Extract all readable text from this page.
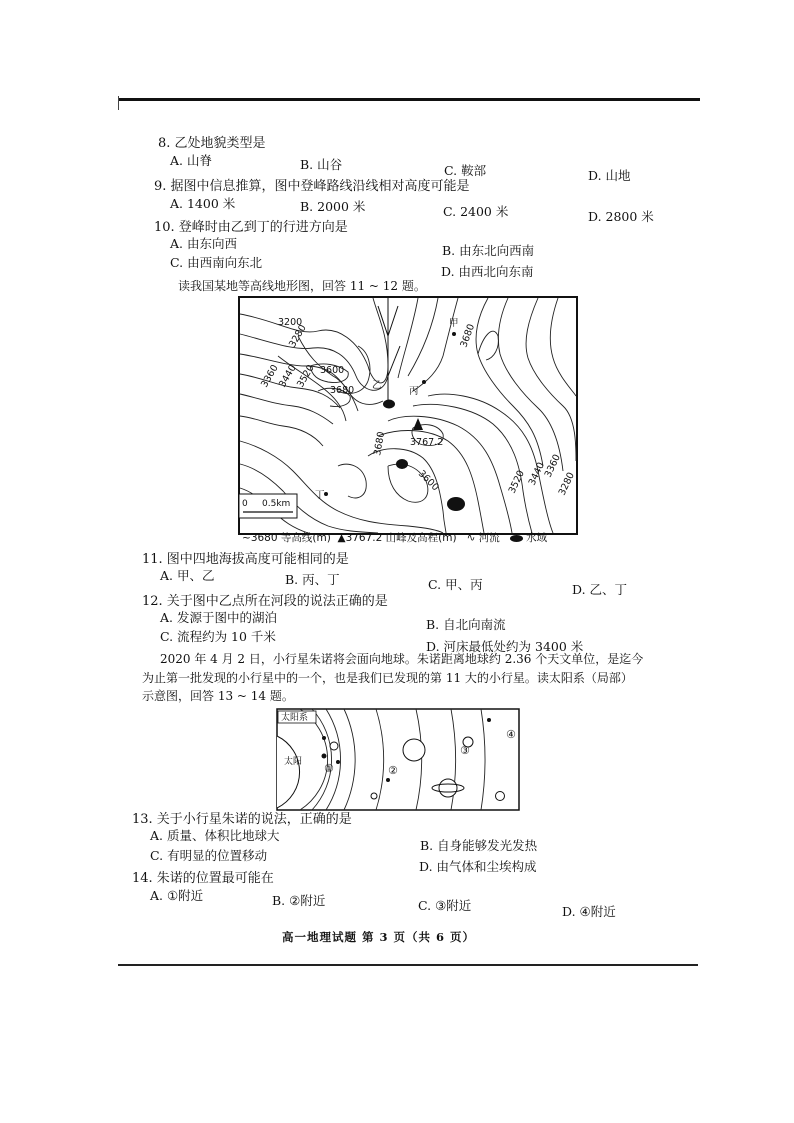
8. 乙处地貌类型是
A. 山脊	B. 山谷	C. 鞍部	D. 山地
9. 据图中信息推算，图中登峰路线沿线相对高度可能是
A. 1400 米	B. 2000 米	C. 2400 米	D. 2800 米
10. 登峰时由乙到丁的行进方向是
A. 由东向西	B. 由东北向西南
C. 由西南向东北
D. 由西北向东南
读我国某地等高线地形图，回答 11 ~ 12 题。
甲
乙
丙
丁
3767.2
3200
3280
3360
3440
3520 3600
3680
3680
3680
3600	3520 3440
3360
3280
0 0.5km
~3680 等高线(m) ▲3767.2 山峰及高程(m) ∿ 河流	水域
11. 图中四地海拔高度可能相同的是
A. 甲、乙	B. 丙、丁	C. 甲、丙	D. 乙、丁
12. 关于图中乙点所在河段的说法正确的是
A. 发源于图中的湖泊	B. 自北向南流
C. 流程约为 10 千米
D. 河床最低处约为 3400 米
2020 年 4 月 2 日，小行星朱诺将会面向地球。朱诺距离地球约 2.36 个天文单位，是迄今
为止第一批发现的小行星中的一个，也是我们已发现的第 11 大的小行星。读太阳系（局部）
示意图，回答 13 ~ 14 题。
太阳系
太阳 ①	②
③
④
13. 关于小行星朱诺的说法，正确的是
A. 质量、体积比地球大
B. 自身能够发光发热
C. 有明显的位置移动
D. 由气体和尘埃构成
14. 朱诺的位置最可能在
A. ①附近	B. ②附近	C. ③附近	D. ④附近
高一地理试题 第 3 页（共 6 页）
